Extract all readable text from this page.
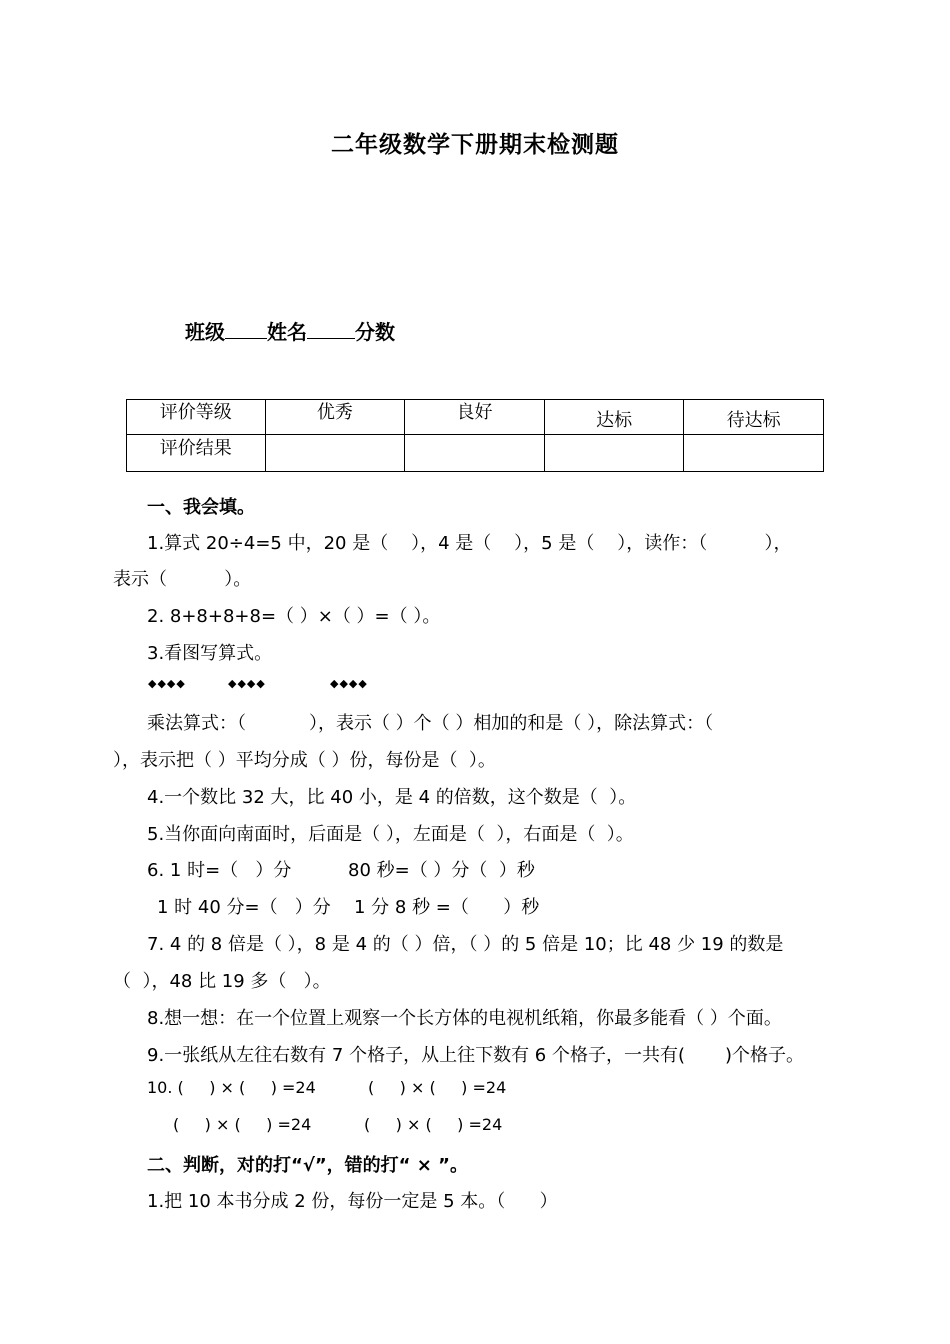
二年级数学下册期末检测题
班级 姓名 分数
评价等级	优秀	良好	达标	待达标
评价结果				
一、我会填。
1.算式 20÷4=5 中，20 是（    ），4 是（    ），5 是（    ），读作：（          ），
表示（          ）。
2. 8+8+8+8=（ ）×（ ）=（ ）。
3.看图写算式。
◆◆◆◆	◆◆◆◆	◆◆◆◆
乘法算式：（           ），表示（ ）个（ ）相加的和是（ ），除法算式：（
），表示把（ ）平均分成（ ）份，每份是（  ）。
4.一个数比 32 大，比 40 小，是 4 的倍数，这个数是（  ）。
5.当你面向南面时，后面是（ ），左面是（  ），右面是（  ）。
6. 1 时=（   ）分	80 秒=（ ）分（  ）秒
1 时 40 分=（   ）分 1 分 8 秒 =（      ）秒
7. 4 的 8 倍是（ ），8 是 4 的（ ）倍，（ ）的 5 倍是 10；比 48 少 19 的数是
（  ），48 比 19 多（   ）。
8.想一想：在一个位置上观察一个长方体的电视机纸箱，你最多能看（ ）个面。
9.一张纸从左往右数有 7 个格子，从上往下数有 6 个格子，一共有(       )个格子。
10. (     ) × (     ) =24	(     ) × (     ) =24
(     ) × (     ) =24	(     ) × (     ) =24
二、判断，对的打“√”，错的打“ × ”。
1.把 10 本书分成 2 份，每份一定是 5 本。（      ）
